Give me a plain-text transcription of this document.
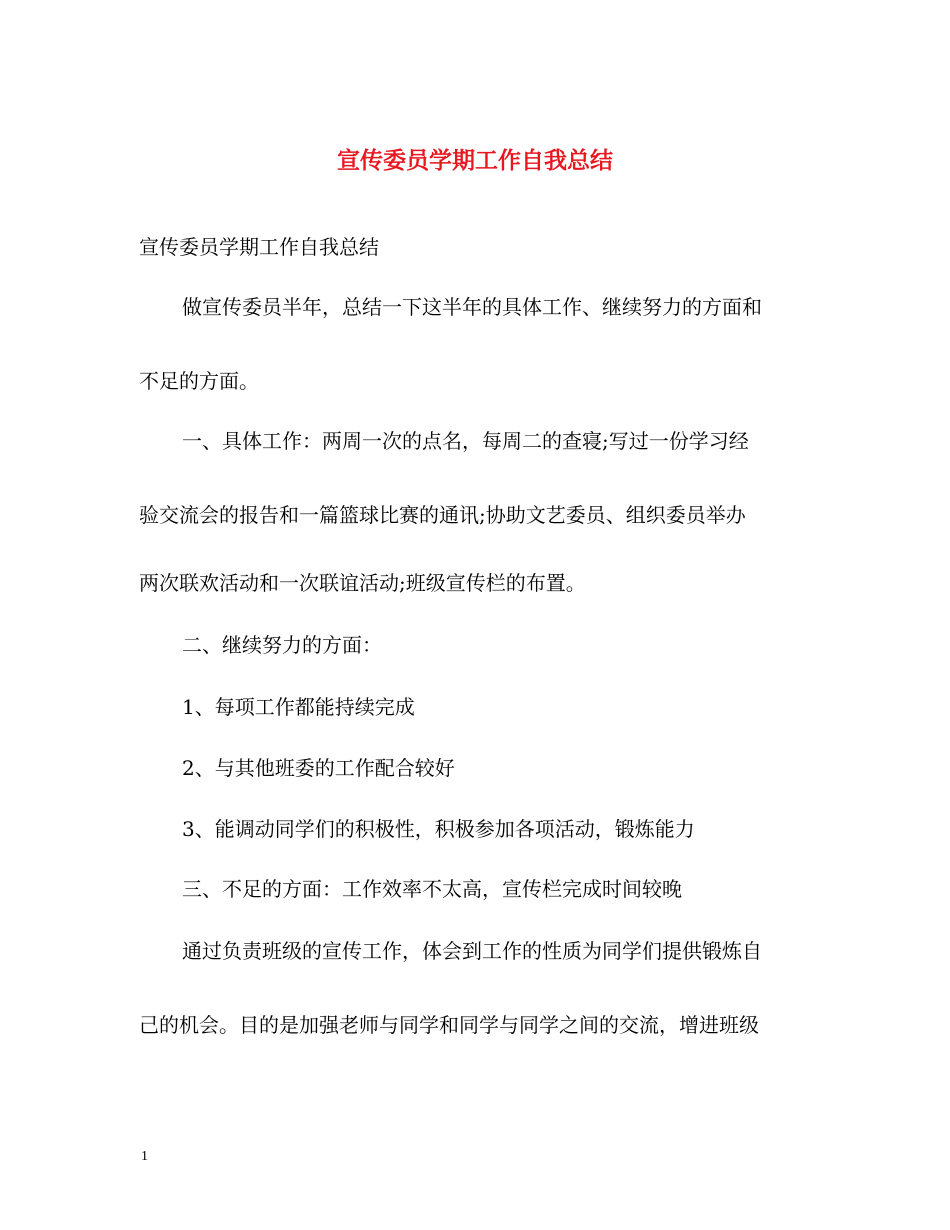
宣传委员学期工作自我总结
宣传委员学期工作自我总结
做宣传委员半年，总结一下这半年的具体工作、继续努力的方面和
不足的方面。
一、具体工作：两周一次的点名，每周二的查寝;写过一份学习经
验交流会的报告和一篇篮球比赛的通讯;协助文艺委员、组织委员举办
两次联欢活动和一次联谊活动;班级宣传栏的布置。
二、继续努力的方面：
1、每项工作都能持续完成
2、与其他班委的工作配合较好
3、能调动同学们的积极性，积极参加各项活动，锻炼能力
三、不足的方面：工作效率不太高，宣传栏完成时间较晚
通过负责班级的宣传工作，体会到工作的性质为同学们提供锻炼自
己的机会。目的是加强老师与同学和同学与同学之间的交流，增进班级
1
